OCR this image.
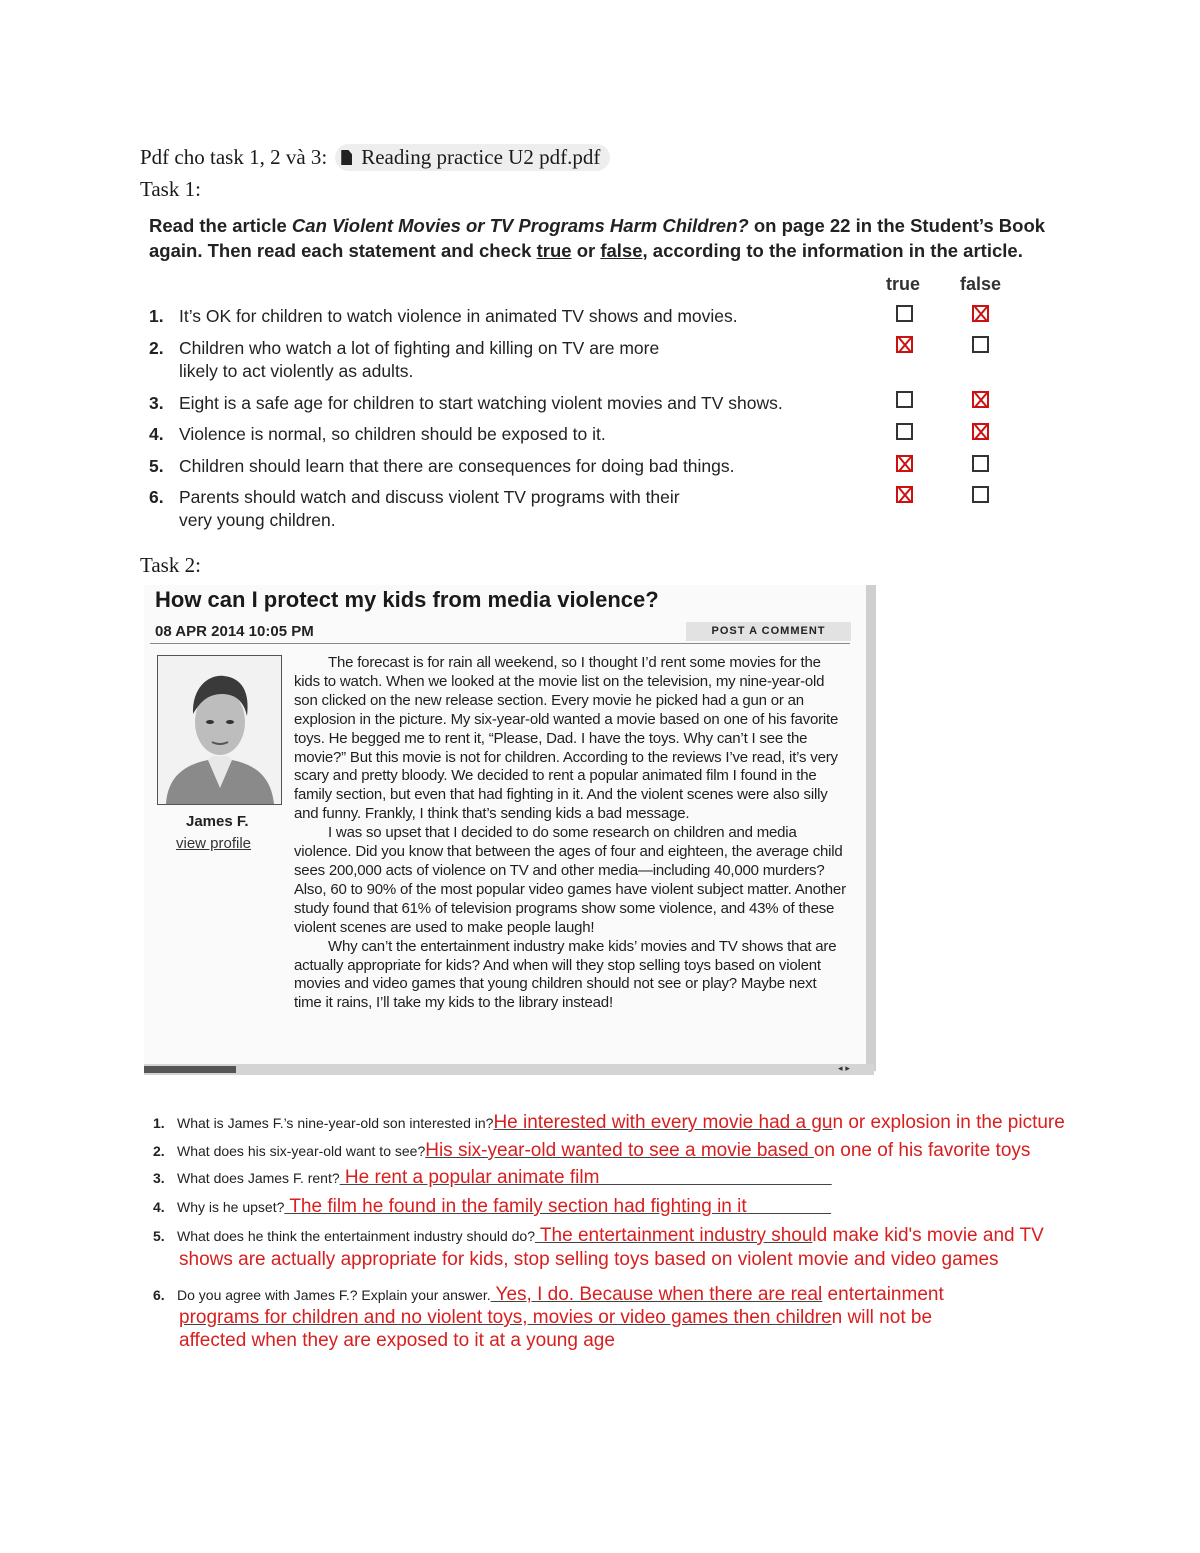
Pdf cho task 1, 2 và 3: Reading practice U2 pdf.pdf
Task 1:
Read the article Can Violent Movies or TV Programs Harm Children? on page 22 in the Student’s Book
again. Then read each statement and check true or false, according to the information in the article.
true false
1. It’s OK for children to watch violence in animated TV shows and movies.
2. Children who watch a lot of fighting and killing on TV are more
likely to act violently as adults.
3. Eight is a safe age for children to start watching violent movies and TV shows.
4. Violence is normal, so children should be exposed to it.
5. Children should learn that there are consequences for doing bad things.
6. Parents should watch and discuss violent TV programs with their
very young children.
Task 2:
◂ ▸
How can I protect my kids from media violence?
08 APR 2014 10:05 PM	POST A COMMENT
James F.
view profile

The forecast is for rain all weekend, so I thought I’d rent some movies for the kids to watch. When we looked at the movie list on the television, my nine-year-old son clicked on the new release section. Every movie he picked had a gun or an explosion in the picture. My six-year-old wanted a movie based on one of his favorite toys. He begged me to rent it, “Please, Dad. I have the toys. Why can’t I see the movie?” But this movie is not for children. According to the reviews I’ve read, it’s very scary and pretty bloody. We decided to rent a popular animated film I found in the family section, but even that had fighting in it. And the violent scenes were also silly and funny. Frankly, I think that’s sending kids a bad message.

I was so upset that I decided to do some research on children and media violence. Did you know that between the ages of four and eighteen, the average child sees 200,000 acts of violence on TV and other media—including 40,000 murders? Also, 60 to 90% of the most popular video games have violent subject matter. Another study found that 61% of television programs show some violence, and 43% of these violent scenes are used to make people laugh!

Why can’t the entertainment industry make kids’ movies and TV shows that are actually appropriate for kids? And when will they stop selling toys based on violent movies and video games that young children should not see or play? Maybe next time it rains, I’ll take my kids to the library instead!

1. What is James F.’s nine-year-old son interested in?He interested with every movie had a gun or explosion in the picture
2. What does his six-year-old want to see?His six-year-old wanted to see a movie based on one of his favorite toys
3. What does James F. rent? He rent a popular animate film
4. Why is he upset? The film he found in the family section had fighting in it
5. What does he think the entertainment industry should do? The entertainment industry should make kid's movie and TV
shows are actually appropriate for kids, stop selling toys based on violent movie and video games
6. Do you agree with James F.? Explain your answer. Yes, I do. Because when there are real entertainment
programs for children and no violent toys, movies or video games then children will not be
affected when they are exposed to it at a young age
